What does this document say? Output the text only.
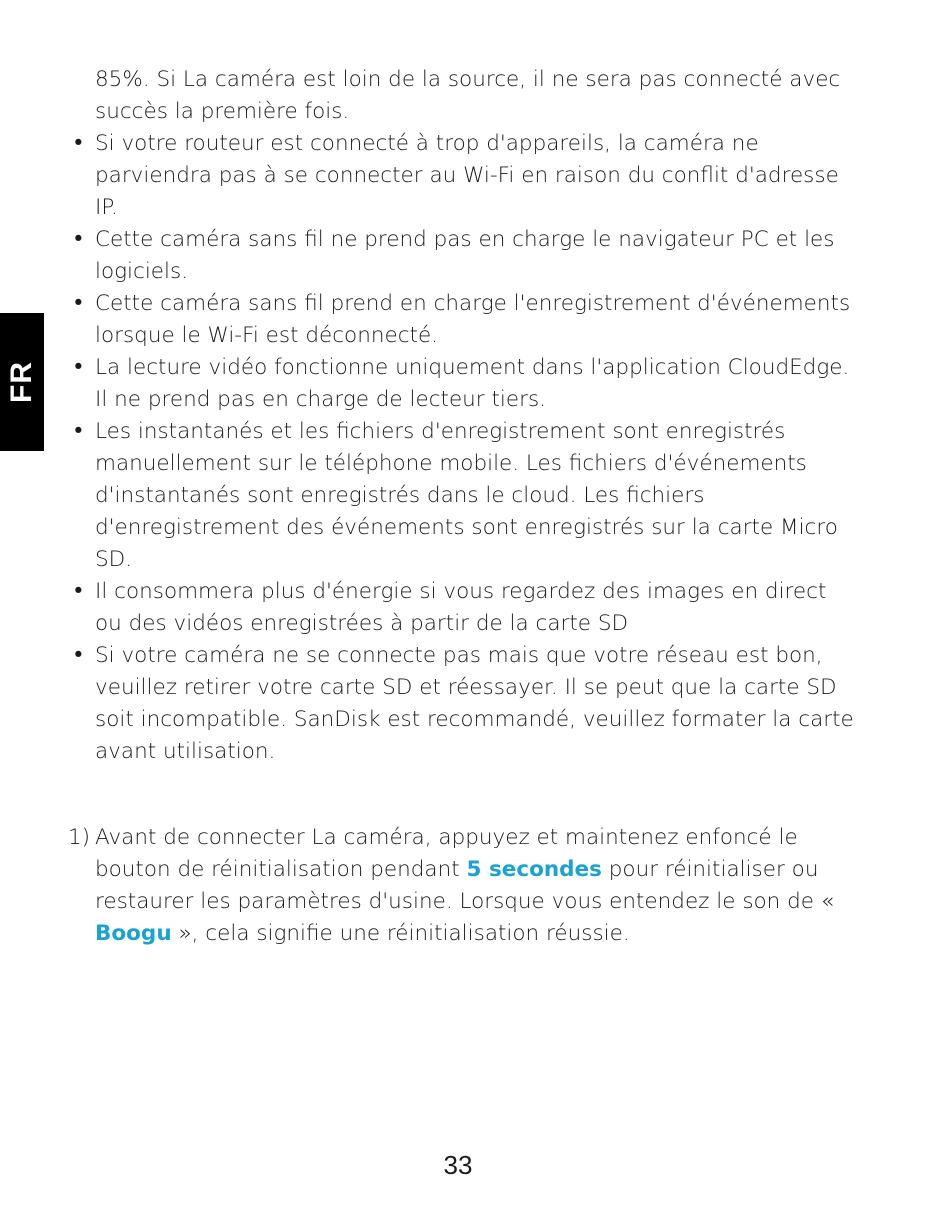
FR

85%. Si La caméra est loin de la source, il ne sera pas connecté avec succès la première fois.

• Si votre routeur est connecté à trop d'appareils, la caméra ne parviendra pas à se connecter au Wi-Fi en raison du conflit d'adresse IP.
• Cette caméra sans fil ne prend pas en charge le navigateur PC et les logiciels.
• Cette caméra sans fil prend en charge l'enregistrement d'événements lorsque le Wi-Fi est déconnecté.
• La lecture vidéo fonctionne uniquement dans l'application CloudEdge. Il ne prend pas en charge de lecteur tiers.
• Les instantanés et les fichiers d'enregistrement sont enregistrés manuellement sur le téléphone mobile. Les fichiers d'événements d'instantanés sont enregistrés dans le cloud. Les fichiers d'enregistrement des événements sont enregistrés sur la carte Micro SD.
• Il consommera plus d'énergie si vous regardez des images en direct ou des vidéos enregistrées à partir de la carte SD
• Si votre caméra ne se connecte pas mais que votre réseau est bon, veuillez retirer votre carte SD et réessayer. Il se peut que la carte SD soit incompatible. SanDisk est recommandé, veuillez formater la carte avant utilisation.
1) Avant de connecter La caméra, appuyez et maintenez enfoncé le bouton de réinitialisation pendant 5 secondes pour réinitialiser ou restaurer les paramètres d'usine. Lorsque vous entendez le son de « Boogu », cela signifie une réinitialisation réussie.
33
